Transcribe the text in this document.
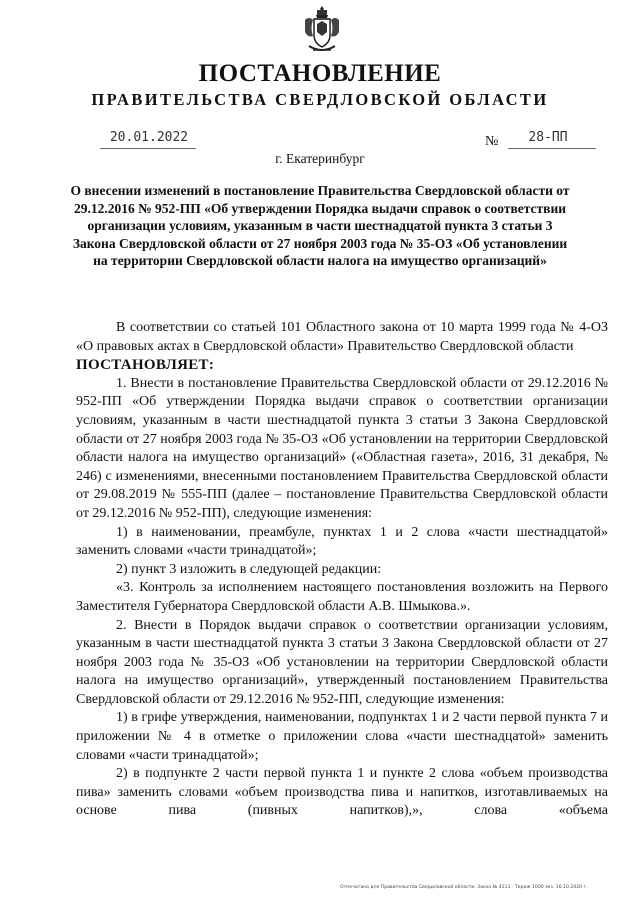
ПОСТАНОВЛЕНИЕ
ПРАВИТЕЛЬСТВА СВЕРДЛОВСКОЙ ОБЛАСТИ
20.01.2022	№	28-ПП
г. Екатеринбург
О внесении изменений в постановление Правительства Свердловской области от 29.12.2016 № 952-ПП «Об утверждении Порядка выдачи справок о соответствии организации условиям, указанным в части шестнадцатой пункта 3 статьи 3 Закона Свердловской области от 27 ноября 2003 года № 35-ОЗ «Об установлении на территории Свердловской области налога на имущество организаций»

В соответствии со статьей 101 Областного закона от 10 марта 1999 года № 4-ОЗ «О правовых актах в Свердловской области» Правительство Свердловской области

ПОСТАНОВЛЯЕТ:

1. Внести в постановление Правительства Свердловской области от 29.12.2016 № 952-ПП «Об утверждении Порядка выдачи справок о соответствии организации условиям, указанным в части шестнадцатой пункта 3 статьи 3 Закона Свердловской области от 27 ноября 2003 года № 35-ОЗ «Об установлении на территории Свердловской области налога на имущество организаций» («Областная газета», 2016, 31 декабря, № 246) с изменениями, внесенными постановлением Правительства Свердловской области от 29.08.2019 № 555-ПП (далее – постановление Правительства Свердловской области от 29.12.2016 № 952-ПП), следующие изменения:

1) в наименовании, преамбуле, пунктах 1 и 2 слова «части шестнадцатой» заменить словами «части тринадцатой»;

2) пункт 3 изложить в следующей редакции:

«3. Контроль за исполнением настоящего постановления возложить на Первого Заместителя Губернатора Свердловской области А.В. Шмыкова.».

2. Внести в Порядок выдачи справок о соответствии организации условиям, указанным в части шестнадцатой пункта 3 статьи 3 Закона Свердловской области от 27 ноября 2003 года № 35-ОЗ «Об установлении на территории Свердловской области налога на имущество организаций», утвержденный постановлением Правительства Свердловской области от 29.12.2016 № 952-ПП, следующие изменения:

1) в грифе утверждения, наименовании, подпунктах 1 и 2 части первой пункта 7 и приложении № 4 в отметке о приложении слова «части шестнадцатой» заменить словами «части тринадцатой»;

2) в подпункте 2 части первой пункта 1 и пункте 2 слова «объем производства пива» заменить словами «объем производства пива и напитков, изготавливаемых на основе пива (пивных напитков),», слова «объема

Отпечатано для Правительства Свердловской области. Заказ № 4211 . Тираж 1000 экз. 16.10.2020 г.
